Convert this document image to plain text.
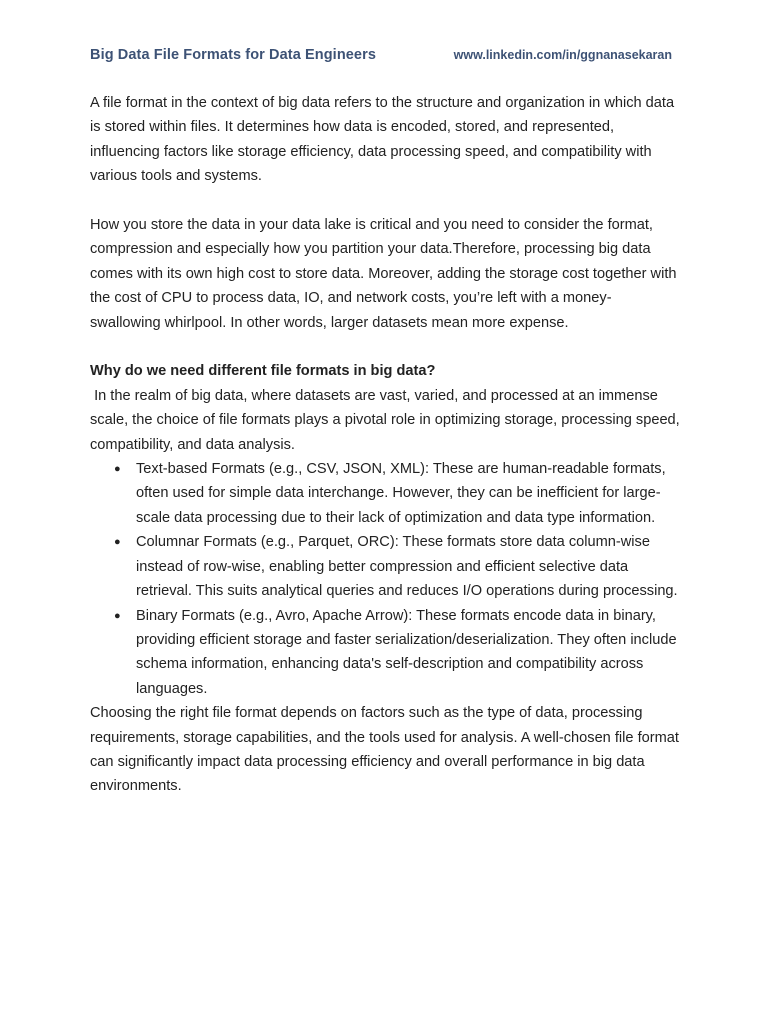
Big Data File Formats for Data Engineers	www.linkedin.com/in/ggnanasekaran

A file format in the context of big data refers to the structure and organization in which data is stored within files. It determines how data is encoded, stored, and represented, influencing factors like storage efficiency, data processing speed, and compatibility with various tools and systems.

How you store the data in your data lake is critical and you need to consider the format, compression and especially how you partition your data.Therefore, processing big data comes with its own high cost to store data. Moreover, adding the storage cost together with the cost of CPU to process data, IO, and network costs, you’re left with a money-swallowing whirlpool. In other words, larger datasets mean more expense.

Why do we need different file formats in big data?

In the realm of big data, where datasets are vast, varied, and processed at an immense scale, the choice of file formats plays a pivotal role in optimizing storage, processing speed, compatibility, and data analysis.

● Text-based Formats (e.g., CSV, JSON, XML): These are human-readable formats, often used for simple data interchange. However, they can be inefficient for large-scale data processing due to their lack of optimization and data type information.
● Columnar Formats (e.g., Parquet, ORC): These formats store data column-wise instead of row-wise, enabling better compression and efficient selective data retrieval. This suits analytical queries and reduces I/O operations during processing.
● Binary Formats (e.g., Avro, Apache Arrow): These formats encode data in binary, providing efficient storage and faster serialization/deserialization. They often include schema information, enhancing data's self-description and compatibility across languages.

Choosing the right file format depends on factors such as the type of data, processing requirements, storage capabilities, and the tools used for analysis. A well-chosen file format can significantly impact data processing efficiency and overall performance in big data environments.
